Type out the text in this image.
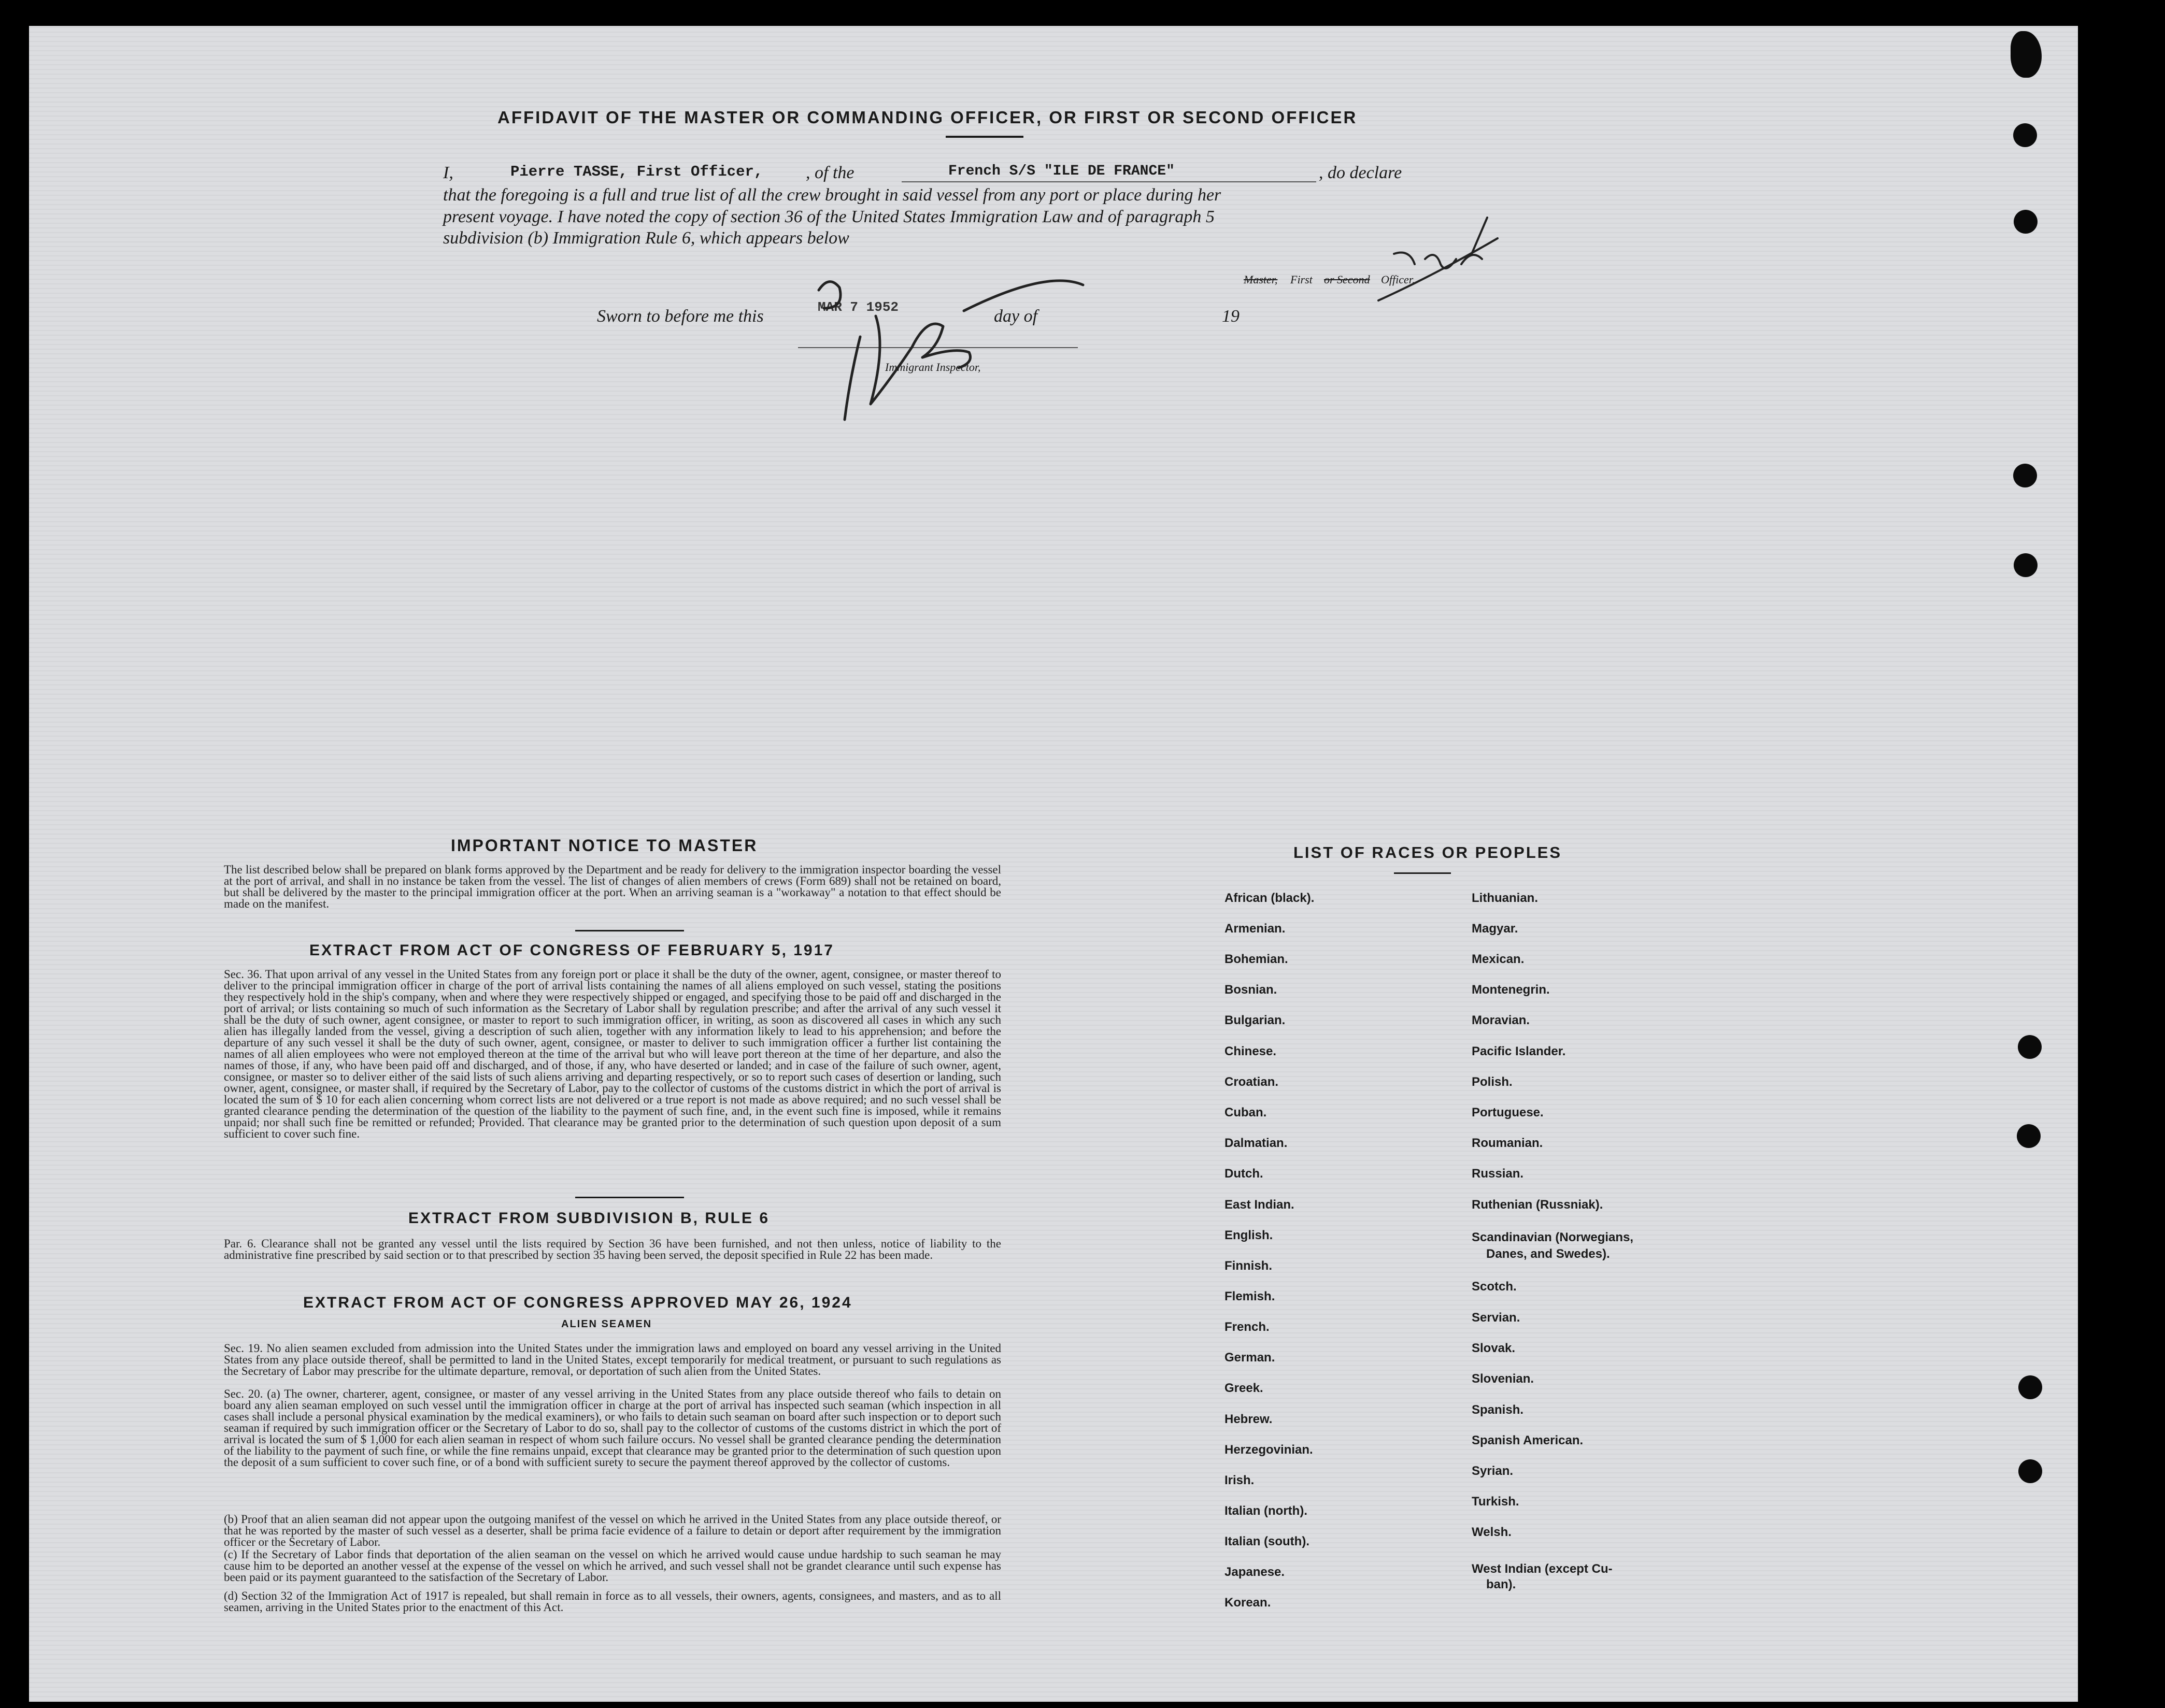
AFFIDAVIT OF THE MASTER OR COMMANDING OFFICER, OR FIRST OR SECOND OFFICER
I,	Pierre TASSE, First Officer, , of the	French S/S "ILE DE FRANCE"	, do declare
that the foregoing is a full and true list of all the crew brought in said vessel from any port or place during her
present voyage. I have noted the copy of section 36 of the United States Immigration Law and of paragraph 5
subdivision (b) Immigration Rule 6, which appears below
Master, First or Second Officer,
Sworn to before me this	MAR 7 1952	day of	19
Immigrant Inspector,
IMPORTANT NOTICE TO MASTER
The list described below shall be prepared on blank forms approved by the Department and be ready for delivery to the immigration inspector boarding the vessel at the port of arrival, and shall in no instance be taken from the vessel. The list of changes of alien members of crews (Form 689) shall not be retained on board, but shall be delivered by the master to the principal immigration officer at the port. When an arriving seaman is a "workaway" a notation to that effect should be made on the manifest.
EXTRACT FROM ACT OF CONGRESS OF FEBRUARY 5, 1917
Sec. 36. That upon arrival of any vessel in the United States from any foreign port or place it shall be the duty of the owner, agent, consignee, or master thereof to deliver to the principal immigration officer in charge of the port of arrival lists containing the names of all aliens employed on such vessel, stating the positions they respectively hold in the ship's company, when and where they were respectively shipped or engaged, and specifying those to be paid off and discharged in the port of arrival; or lists containing so much of such information as the Secretary of Labor shall by regulation prescribe; and after the arrival of any such vessel it shall be the duty of such owner, agent consignee, or master to report to such immigration officer, in writing, as soon as discovered all cases in which any such alien has illegally landed from the vessel, giving a description of such alien, together with any information likely to lead to his apprehension; and before the departure of any such vessel it shall be the duty of such owner, agent, consignee, or master to deliver to such immigration officer a further list containing the names of all alien employees who were not employed thereon at the time of the arrival but who will leave port thereon at the time of her departure, and also the names of those, if any, who have been paid off and discharged, and of those, if any, who have deserted or landed; and in case of the failure of such owner, agent, consignee, or master so to deliver either of the said lists of such aliens arriving and departing respectively, or so to report such cases of desertion or landing, such owner, agent, consignee, or master shall, if required by the Secretary of Labor, pay to the collector of customs of the customs district in which the port of arrival is located the sum of $ 10 for each alien concerning whom correct lists are not delivered or a true report is not made as above required; and no such vessel shall be granted clearance pending the determination of the question of the liability to the payment of such fine, and, in the event such fine is imposed, while it remains unpaid; nor shall such fine be remitted or refunded; Provided. That clearance may be granted prior to the determination of such question upon deposit of a sum sufficient to cover such fine.
EXTRACT FROM SUBDIVISION B, RULE 6
Par. 6. Clearance shall not be granted any vessel until the lists required by Section 36 have been furnished, and not then unless, notice of liability to the administrative fine prescribed by said section or to that prescribed by section 35 having been served, the deposit specified in Rule 22 has been made.
EXTRACT FROM ACT OF CONGRESS APPROVED MAY 26, 1924
ALIEN SEAMEN
Sec. 19. No alien seamen excluded from admission into the United States under the immigration laws and employed on board any vessel arriving in the United States from any place outside thereof, shall be permitted to land in the United States, except temporarily for medical treatment, or pursuant to such regulations as the Secretary of Labor may prescribe for the ultimate departure, removal, or deportation of such alien from the United States.
Sec. 20. (a) The owner, charterer, agent, consignee, or master of any vessel arriving in the United States from any place outside thereof who fails to detain on board any alien seaman employed on such vessel until the immigration officer in charge at the port of arrival has inspected such seaman (which inspection in all cases shall include a personal physical examination by the medical examiners), or who fails to detain such seaman on board after such inspection or to deport such seaman if required by such immigration officer or the Secretary of Labor to do so, shall pay to the collector of customs of the customs district in which the port of arrival is located the sum of $ 1,000 for each alien seaman in respect of whom such failure occurs. No vessel shall be granted clearance pending the determination of the liability to the payment of such fine, or while the fine remains unpaid, except that clearance may be granted prior to the determination of such question upon the deposit of a sum sufficient to cover such fine, or of a bond with sufficient surety to secure the payment thereof approved by the collector of customs.
(b) Proof that an alien seaman did not appear upon the outgoing manifest of the vessel on which he arrived in the United States from any place outside thereof, or that he was reported by the master of such vessel as a deserter, shall be prima facie evidence of a failure to detain or deport after requirement by the immigration officer or the Secretary of Labor.
(c) If the Secretary of Labor finds that deportation of the alien seaman on the vessel on which he arrived would cause undue hardship to such seaman he may cause him to be deported an another vessel at the expense of the vessel on which he arrived, and such vessel shall not be grandet clearance until such expense has been paid or its payment guaranteed to the satisfaction of the Secretary of Labor.
(d) Section 32 of the Immigration Act of 1917 is repealed, but shall remain in force as to all vessels, their owners, agents, consignees, and masters, and as to all seamen, arriving in the United States prior to the enactment of this Act.
LIST OF RACES OR PEOPLES
African (black).
Armenian.
Bohemian.
Bosnian.
Bulgarian.
Chinese.
Croatian.
Cuban.
Dalmatian.
Dutch.
East Indian.
English.
Finnish.
Flemish.
French.
German.
Greek.
Hebrew.
Herzegovinian.
Irish.
Italian (north).
Italian (south).
Japanese.
Korean.
Lithuanian.
Magyar.
Mexican.
Montenegrin.
Moravian.
Pacific Islander.
Polish.
Portuguese.
Roumanian.
Russian.
Ruthenian (Russniak).
Scandinavian (Norwegians,
Danes, and Swedes).
Scotch.
Servian.
Slovak.
Slovenian.
Spanish.
Spanish American.
Syrian.
Turkish.
Welsh.
West Indian (except Cu-
ban).
